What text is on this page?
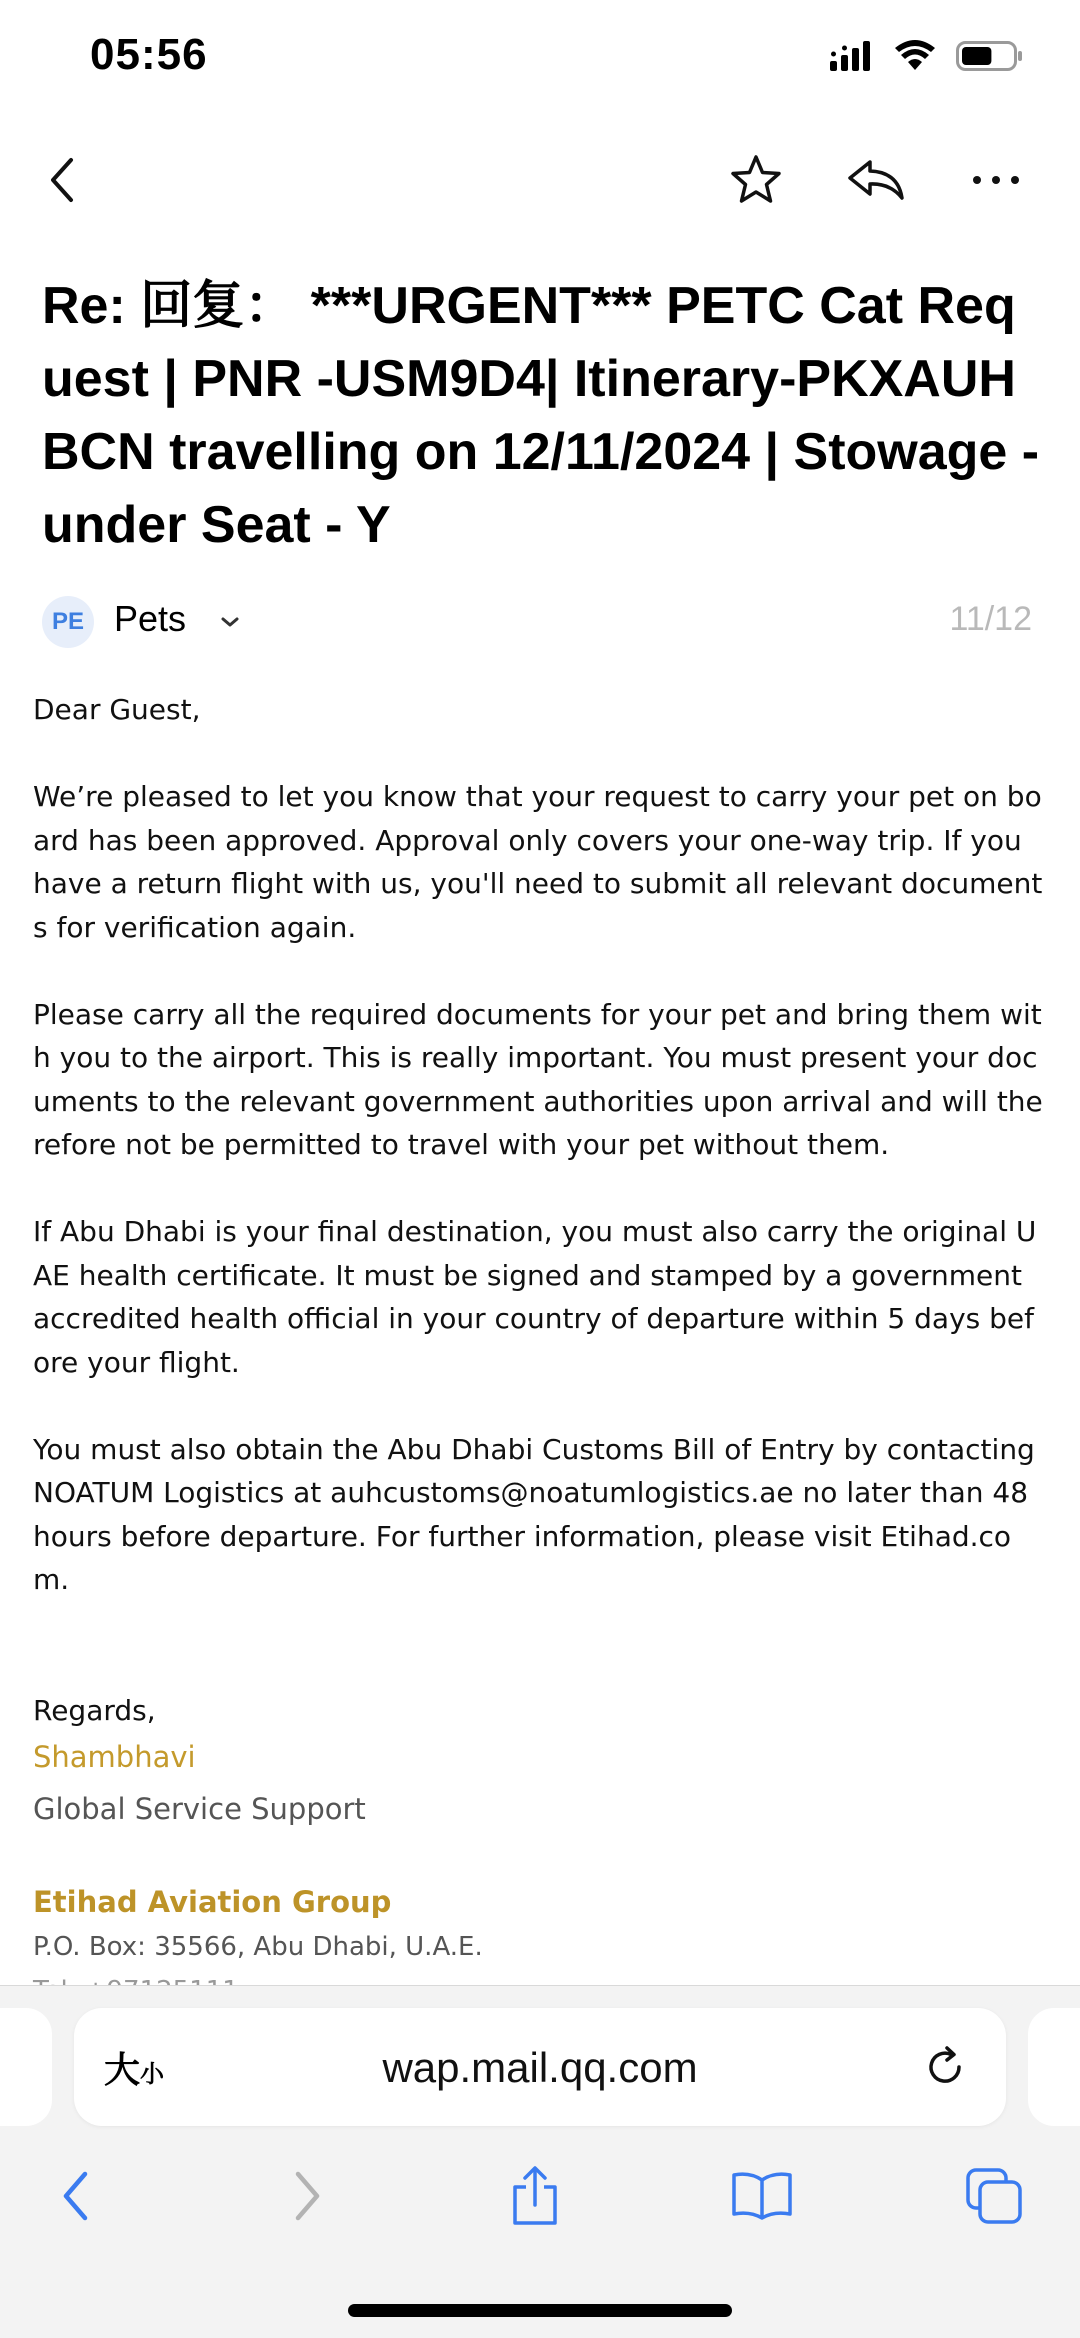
05:56
Re: 回复： ***URGENT*** PETC Cat Request | PNR -USM9D4| Itinerary-PKXAUHBCN travelling on 12/11/2024 | Stowage - under Seat - Y
PE Pets	11/12

Dear Guest,

We’re pleased to let you know that your request to carry your pet on board has been approved. Approval only covers your one-way trip. If you have a return flight with us, you'll need to submit all relevant documents for verification again.

Please carry all the required documents for your pet and bring them with you to the airport. This is really important. You must present your documents to the relevant government authorities upon arrival and will therefore not be permitted to travel with your pet without them.

If Abu Dhabi is your final destination, you must also carry the original UAE health certificate. It must be signed and stamped by a government accredited health official in your country of departure within 5 days before your flight.

You must also obtain the Abu Dhabi Customs Bill of Entry by contacting NOATUM Logistics at auhcustoms@noatumlogistics.ae no later than 48 hours before departure. For further information, please visit Etihad.com.

Regards,

Shambhavi
Global Service Support
Etihad Aviation Group
P.O. Box: 35566, Abu Dhabi, U.A.E.
大小	wap.mail.qq.com
